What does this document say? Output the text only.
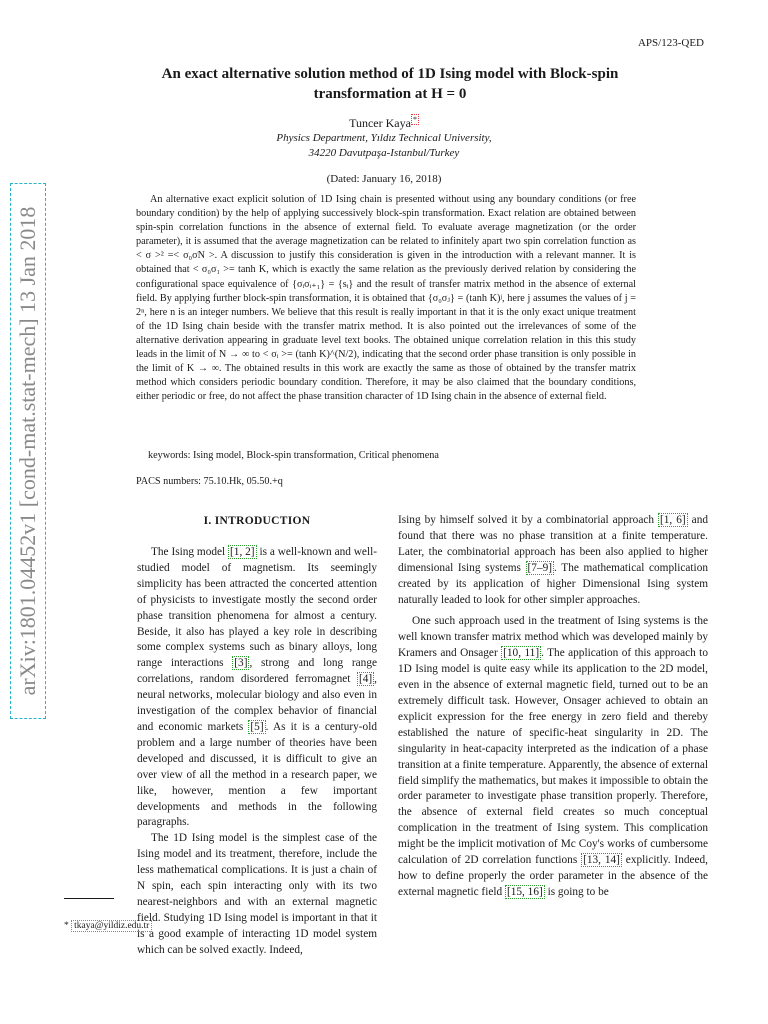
APS/123-QED
An exact alternative solution method of 1D Ising model with Block-spin
transformation at H = 0
Tuncer Kaya *
Physics Department, Yıldız Technical University,
34220 Davutpaşa-Istanbul/Turkey
(Dated: January 16, 2018)

An alternative exact explicit solution of 1D Ising chain is presented without using any boundary conditions (or free boundary condition) by the help of applying successively block-spin transformation. Exact relation are obtained between spin-spin correlation functions in the absence of external field. To evaluate average magnetization (or the order parameter), it is assumed that the average magnetization can be related to infinitely apart two spin correlation function as < σ >² =< σ₀σN >. A discussion to justify this consideration is given in the introduction with a relevant manner. It is obtained that < σ₀σ₁ >= tanh K, which is exactly the same relation as the previously derived relation by considering the configurational space equivalence of {σᵢσᵢ₊₁} = {sᵢ} and the result of transfer matrix method in the absence of external field. By applying further block-spin transformation, it is obtained that {σ₀σⱼ} = (tanh K)ʲ, here j assumes the values of j = 2ⁿ, here n is an integer numbers. We believe that this result is really important in that it is the only exact unique treatment of the 1D Ising chain beside with the transfer matrix method. It is also pointed out the irrelevances of some of the alternative derivation appearing in graduate level text books. The obtained unique correlation relation in this this study leads in the limit of N → ∞ to < σᵢ >= (tanh K)^(N/2), indicating that the second order phase transition is only possible in the limit of K → ∞. The obtained results in this work are exactly the same as those of obtained by the transfer matrix method which considers periodic boundary condition. Therefore, it may be also claimed that the boundary conditions, either periodic or free, do not affect the phase transition character of 1D Ising chain in the absence of external field.

keywords: Ising model, Block-spin transformation, Critical phenomena
PACS numbers: 75.10.Hk, 05.50.+q
I. INTRODUCTION

The Ising model [1, 2] is a well-known and well-studied model of magnetism. Its seemingly simplicity has been attracted the concerted attention of physicists to investigate mostly the second order phase transition phenomena for almost a century. Beside, it also has played a key role in describing some complex systems such as binary alloys, long range interactions [3] , strong and long range correlations, random disordered ferromagnet [4] , neural networks, molecular biology and also even in investigation of the complex behavior of financial and economic markets [5] . As it is a century-old problem and a large number of theories have been developed and discussed, it is difficult to give an over view of all the method in a research paper, we like, however, mention a few important developments and methods in the following paragraphs.

The 1D Ising model is the simplest case of the Ising model and its treatment, therefore, include the less mathematical complications. It is just a chain of N spin, each spin interacting only with its two nearest-neighbors and with an external magnetic field. Studying 1D Ising model is important in that it is a good example of interacting 1D model system which can be solved exactly. Indeed,

Ising by himself solved it by a combinatorial approach [1, 6] and found that there was no phase transition at a finite temperature. Later, the combinatorial approach has been also applied to higher dimensional Ising systems [7–9] . The mathematical complication created by its application of higher Dimensional Ising system naturally leaded to look for other simpler approaches.

One such approach used in the treatment of Ising systems is the well known transfer matrix method which was developed mainly by Kramers and Onsager [10, 11] . The application of this approach to 1D Ising model is quite easy while its application to the 2D model, even in the absence of external magnetic field, turned out to be an extremely difficult task. However, Onsager achieved to obtain an explicit expression for the free energy in zero field and thereby established the nature of specific-heat singularity in 2D. The singularity in heat-capacity interpreted as the indication of a phase transition at a finite temperature. Apparently, the absence of external field simplify the mathematics, but makes it impossible to obtain the order parameter to investigate phase transition properly. Therefore, the absence of external field creates so much conceptual complication in the treatment of Ising system. This complication might be the implicit motivation of Mc Coy's works of cumbersome calculation of 2D correlation functions [13, 14] explicitly. Indeed, how to define properly the order parameter in the absence of the external magnetic field [15, 16] is going to be

* tkaya@yildiz.edu.tr
arXiv:1801.04452v1 [cond-mat.stat-mech] 13 Jan 2018
